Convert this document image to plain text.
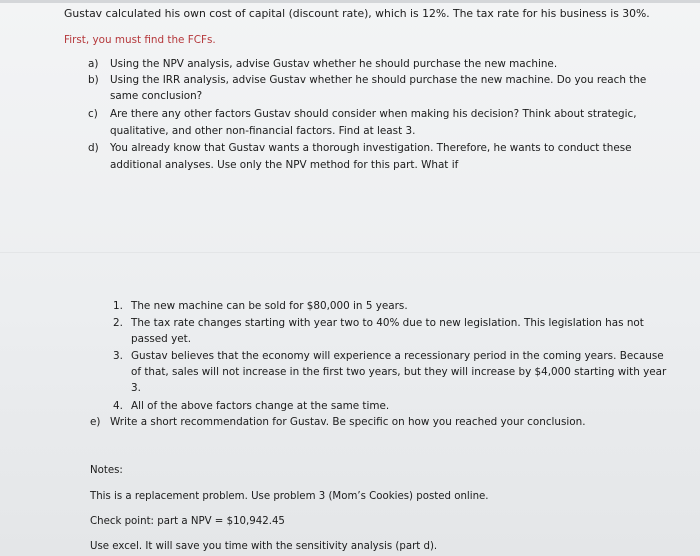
Gustav calculated his own cost of capital (discount rate), which is 12%. The tax rate for his business is 30%.
First, you must find the FCFs.
a) Using the NPV analysis, advise Gustav whether he should purchase the new machine.
b) Using the IRR analysis, advise Gustav whether he should purchase the new machine. Do you reach the
same conclusion?
c) Are there any other factors Gustav should consider when making his decision? Think about strategic,
qualitative, and other non-financial factors. Find at least 3.
d) You already know that Gustav wants a thorough investigation. Therefore, he wants to conduct these
additional analyses. Use only the NPV method for this part. What if
1. The new machine can be sold for $80,000 in 5 years.
2. The tax rate changes starting with year two to 40% due to new legislation. This legislation has not
passed yet.
3. Gustav believes that the economy will experience a recessionary period in the coming years. Because
of that, sales will not increase in the first two years, but they will increase by $4,000 starting with year
3.
4. All of the above factors change at the same time.
e) Write a short recommendation for Gustav. Be specific on how you reached your conclusion.
Notes:
This is a replacement problem. Use problem 3 (Mom’s Cookies) posted online.
Check point: part a NPV = $10,942.45
Use excel. It will save you time with the sensitivity analysis (part d).
